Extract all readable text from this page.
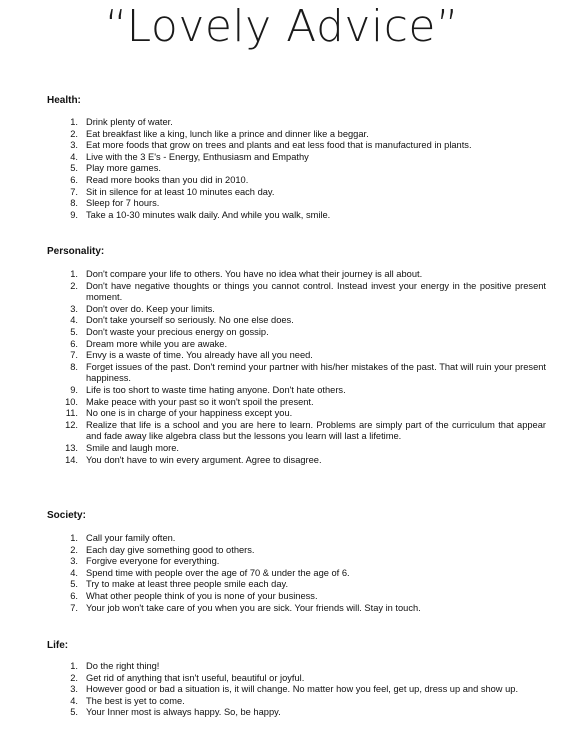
“Lovely Advice”
Health:
1. Drink plenty of water.
2. Eat breakfast like a king, lunch like a prince and dinner like a beggar.
3. Eat more foods that grow on trees and plants and eat less food that is manufactured in plants.
4. Live with the 3 E's - Energy, Enthusiasm and Empathy
5. Play more games.
6. Read more books than you did in 2010.
7. Sit in silence for at least 10 minutes each day.
8. Sleep for 7 hours.
9. Take a 10-30 minutes walk daily. And while you walk, smile.
Personality:
1. Don't compare your life to others. You have no idea what their journey is all about.
2. Don't have negative thoughts or things you cannot control. Instead invest your energy in the positive present moment.
3. Don't over do. Keep your limits.
4. Don't take yourself so seriously. No one else does.
5. Don't waste your precious energy on gossip.
6. Dream more while you are awake.
7. Envy is a waste of time. You already have all you need.
8. Forget issues of the past. Don't remind your partner with his/her mistakes of the past. That will ruin your present happiness.
9. Life is too short to waste time hating anyone. Don't hate others.
10. Make peace with your past so it won't spoil the present.
11. No one is in charge of your happiness except you.
12. Realize that life is a school and you are here to learn. Problems are simply part of the curriculum that appear and fade away like algebra class but the lessons you learn will last a lifetime.
13. Smile and laugh more.
14. You don't have to win every argument. Agree to disagree.
Society:
1. Call your family often.
2. Each day give something good to others.
3. Forgive everyone for everything.
4. Spend time with people over the age of 70 & under the age of 6.
5. Try to make at least three people smile each day.
6. What other people think of you is none of your business.
7. Your job won't take care of you when you are sick. Your friends will. Stay in touch.
Life:
1. Do the right thing!
2. Get rid of anything that isn't useful, beautiful or joyful.
3. However good or bad a situation is, it will change. No matter how you feel, get up, dress up and show up.
4. The best is yet to come.
5. Your Inner most is always happy. So, be happy.
